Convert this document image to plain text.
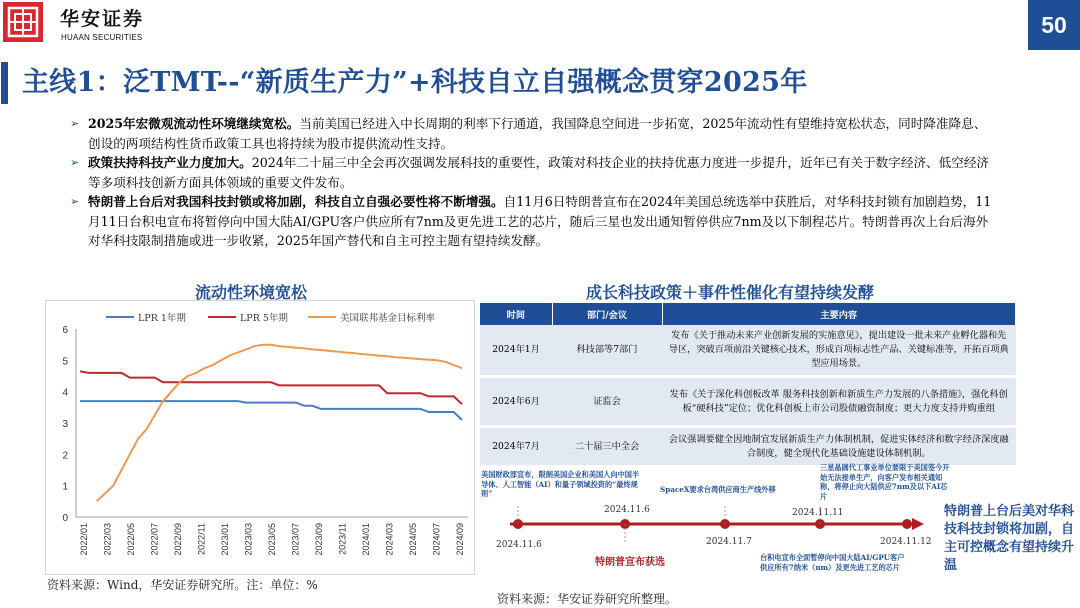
华安证券
HUAAN SECURITIES	50
主线1：泛TMT--“新质生产力”+科技自立自强概念贯穿2025年
➢ 2025年宏微观流动性环境继续宽松。当前美国已经进入中长周期的利率下行通道，我国降息空间进一步拓宽，2025年流动性有望维持宽松状态，同时降准降息、创设的两项结构性货币政策工具也将持续为股市提供流动性支持。
➢ 政策扶持科技产业力度加大。2024年二十届三中全会再次强调发展科技的重要性，政策对科技企业的扶持优惠力度进一步提升，近年已有关于数字经济、低空经济等多项科技创新方面具体领域的重要文件发布。
➢ 特朗普上台后对我国科技封锁或将加剧，科技自立自强必要性将不断增强。自11月6日特朗普宣布在2024年美国总统选举中获胜后，对华科技封锁有加剧趋势，11月11日台积电宣布将暂停向中国大陆AI/GPU客户供应所有7nm及更先进工艺的芯片，随后三星也发出通知暂停供应7nm及以下制程芯片。特朗普再次上台后海外对华科技限制措施或进一步收紧，2025年国产替代和自主可控主题有望持续发酵。
流动性环境宽松
0
1
2
3
4
5
6
2022/01 2022/03 2022/05 2022/07 2022/09 2022/11 2023/01 2023/03 2023/05 2023/07 2023/09 2023/11 2024/01 2024/03 2024/05 2024/07 2024/09
LPR 1年期	LPR 5年期	美国联邦基金目标利率
资料来源：Wind，华安证券研究所。注：单位：%
成长科技政策＋事件性催化有望持续发酵
时间	部门/会议	主要内容
2024年1月	科技部等7部门	发布《关于推动未来产业创新发展的实施意见》，提出建设一批未来产业孵化器和先导区，突破百项前沿关键核心技术，形成百项标志性产品、关键标准等，开拓百项典型应用场景。
2024年6月	证监会	发布《关于深化科创板改革 服务科技创新和新质生产力发展的八条措施》，强化科创板“硬科技”定位；优化科创板上市公司股债融资制度；更大力度支持并购重组
2024年7月	二十届三中全会	会议强调要健全因地制宜发展新质生产力体制机制，促进实体经济和数字经济深度融合制度，健全现代化基础设施建设体制机制。
美国财政部宣布，限制美国企业和美国人向中国半导体、人工智能（AI）和量子领域投资的“最终规则”	SpaceX要求台湾供应商生产线外移
三星晶圆代工事业单位要限于美国签今开始无法接单生产，向客户发布相关通知称，将停止向大陆供应7nm及以下AI芯片
特朗普宣布获选	台积电宣布全面暂停向中国大陆AI/GPU客户供应所有7纳米（nm）及更先进工艺的芯片
2024.11.6
2024.11.6
2024.11.7
2024.11.11
2024.11.12
特朗普上台后美对华科技科技封锁将加剧，自主可控概念有望持续升温
资料来源：华安证券研究所整理。
